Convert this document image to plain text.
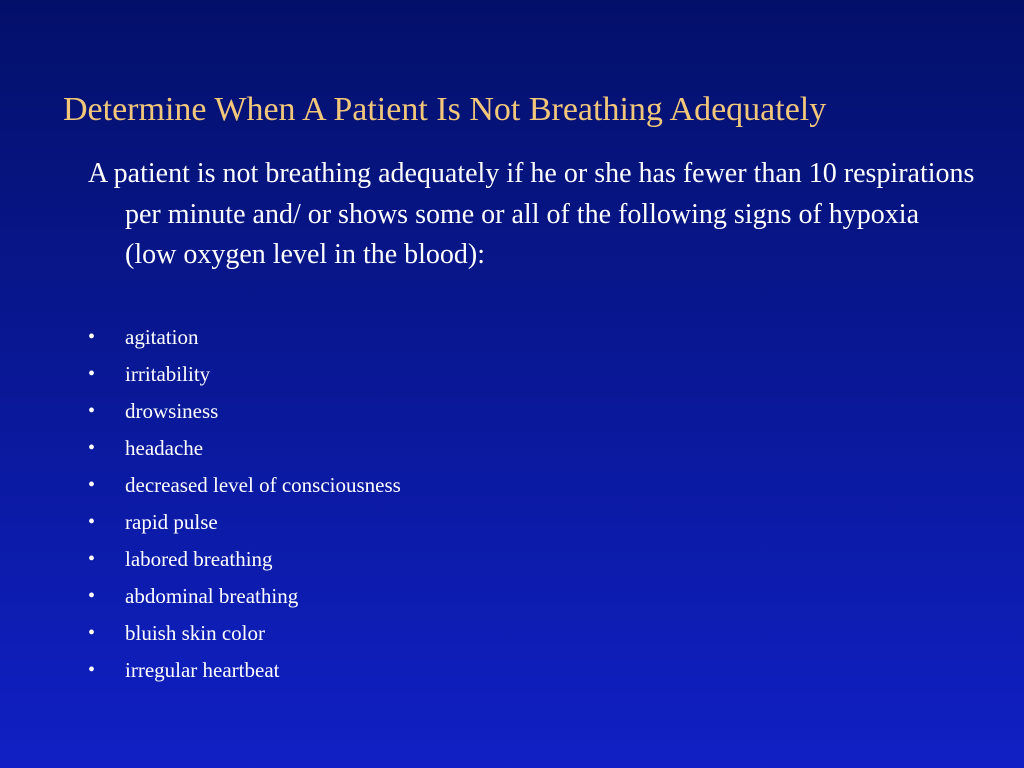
Determine When A Patient Is Not Breathing Adequately

A patient is not breathing adequately if he or she has fewer than 10 respirations per minute and/ or shows some or all of the following signs of hypoxia (low oxygen level in the blood):

• agitation
• irritability
• drowsiness
• headache
• decreased level of consciousness
• rapid pulse
• labored breathing
• abdominal breathing
• bluish skin color
• irregular heartbeat
